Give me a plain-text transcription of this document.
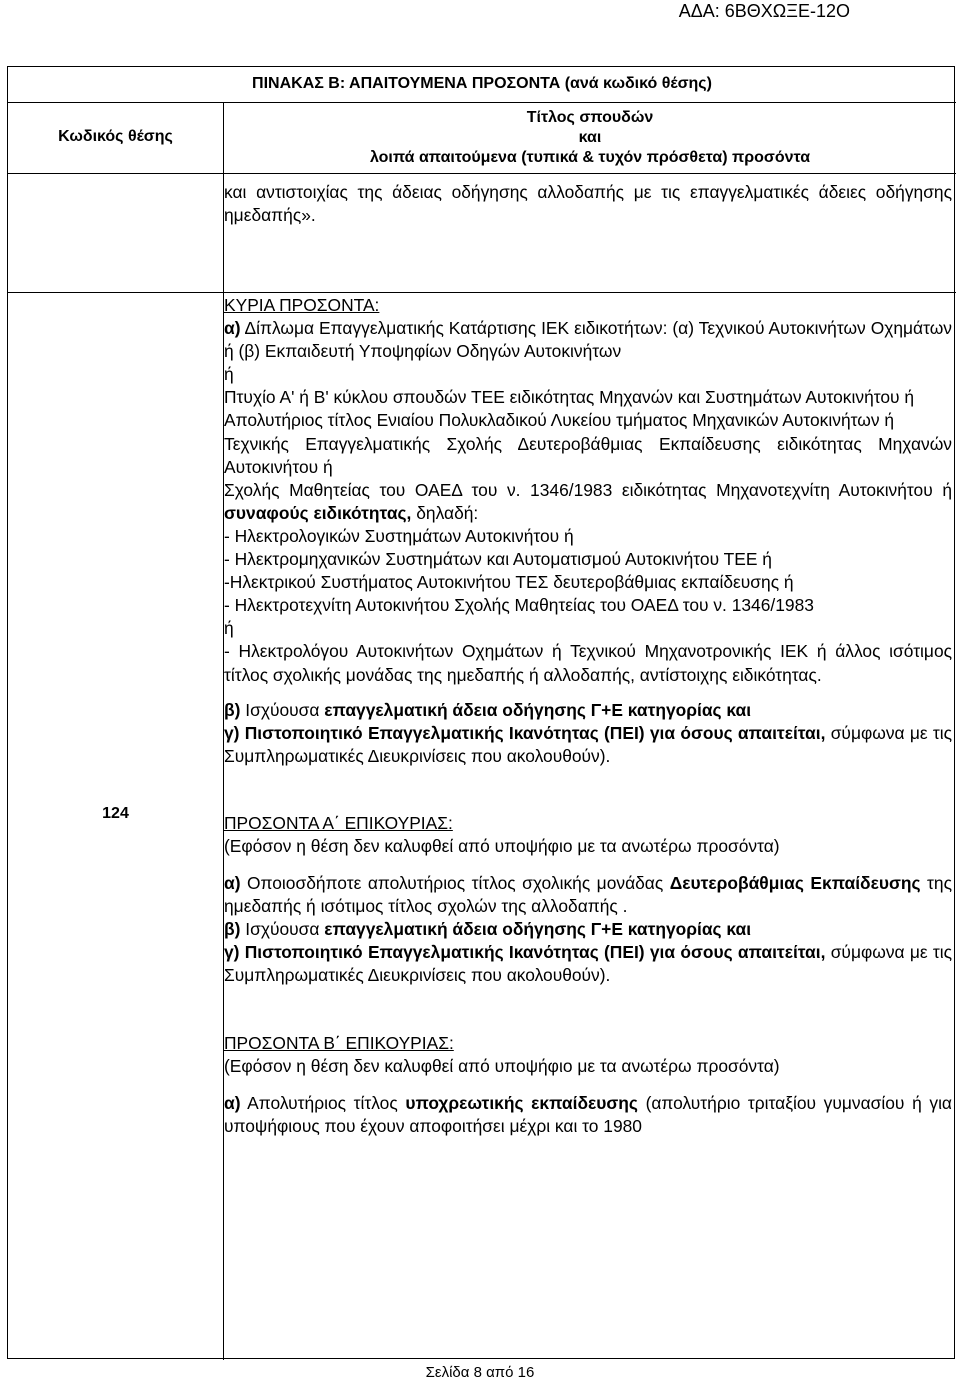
ΑΔΑ: 6ΒΘΧΩΞΕ-12Ο
ΠΙΝΑΚΑΣ Β: ΑΠΑΙΤΟΥΜΕΝΑ ΠΡΟΣΟΝΤΑ (ανά κωδικό θέσης)
Κωδικός θέσης
Τίτλος σπουδών
και
λοιπά απαιτούμενα (τυπικά & τυχόν πρόσθετα) προσόντα

και αντιστοιχίας της άδειας οδήγησης αλλοδαπής με τις επαγγελματικές άδειες οδήγησης ημεδαπής».

124

ΚΥΡΙΑ ΠΡΟΣΟΝΤΑ:

α) Δίπλωμα Επαγγελματικής Κατάρτισης ΙΕΚ ειδικοτήτων: (α) Τεχνικού Αυτοκινήτων Οχημάτων ή (β) Εκπαιδευτή Υποψηφίων Οδηγών Αυτοκινήτων

ή

Πτυχίο Α' ή Β' κύκλου σπουδών ΤΕΕ ειδικότητας Μηχανών και Συστημάτων Αυτοκινήτου ή

Απολυτήριος τίτλος Ενιαίου Πολυκλαδικού Λυκείου τμήματος Μηχανικών Αυτοκινήτων ή

Τεχνικής Επαγγελματικής Σχολής Δευτεροβάθμιας Εκπαίδευσης ειδικότητας Μηχανών Αυτοκινήτου ή

Σχολής Μαθητείας του ΟΑΕΔ του ν. 1346/1983 ειδικότητας Μηχανοτεχνίτη Αυτοκινήτου ή συναφούς ειδικότητας, δηλαδή:

- Ηλεκτρολογικών Συστημάτων Αυτοκινήτου ή

- Ηλεκτρομηχανικών Συστημάτων και Αυτοματισμού Αυτοκινήτου ΤΕΕ ή

-Ηλεκτρικού Συστήματος Αυτοκινήτου ΤΕΣ δευτεροβάθμιας εκπαίδευσης ή

- Ηλεκτροτεχνίτη Αυτοκινήτου Σχολής Μαθητείας του ΟΑΕΔ του ν. 1346/1983

ή

- Ηλεκτρολόγου Αυτοκινήτων Οχημάτων ή Τεχνικού Μηχανοτρονικής ΙΕΚ ή άλλος ισότιμος τίτλος σχολικής μονάδας της ημεδαπής ή αλλοδαπής, αντίστοιχης ειδικότητας.

β) Ισχύουσα επαγγελματική άδεια οδήγησης Γ+Ε κατηγορίας και

γ) Πιστοποιητικό Επαγγελματικής Ικανότητας (ΠΕΙ) για όσους απαιτείται, σύμφωνα με τις Συμπληρωματικές Διευκρινίσεις που ακολουθούν).

ΠΡΟΣΟΝΤΑ Α΄ ΕΠΙΚΟΥΡΙΑΣ:

(Εφόσον η θέση δεν καλυφθεί από υποψήφιο με τα ανωτέρω προσόντα)

α) Οποιοσδήποτε απολυτήριος τίτλος σχολικής μονάδας Δευτεροβάθμιας Εκπαίδευσης της ημεδαπής ή ισότιμος τίτλος σχολών της αλλοδαπής .

β) Ισχύουσα επαγγελματική άδεια οδήγησης Γ+Ε κατηγορίας και

γ) Πιστοποιητικό Επαγγελματικής Ικανότητας (ΠΕΙ) για όσους απαιτείται, σύμφωνα με τις Συμπληρωματικές Διευκρινίσεις που ακολουθούν).

ΠΡΟΣΟΝΤΑ Β΄ ΕΠΙΚΟΥΡΙΑΣ:

(Εφόσον η θέση δεν καλυφθεί από υποψήφιο με τα ανωτέρω προσόντα)

α) Απολυτήριος τίτλος υποχρεωτικής εκπαίδευσης (απολυτήριο τριταξίου γυμνασίου ή για υποψήφιους που έχουν αποφοιτήσει μέχρι και το 1980

Σελίδα 8 από 16
